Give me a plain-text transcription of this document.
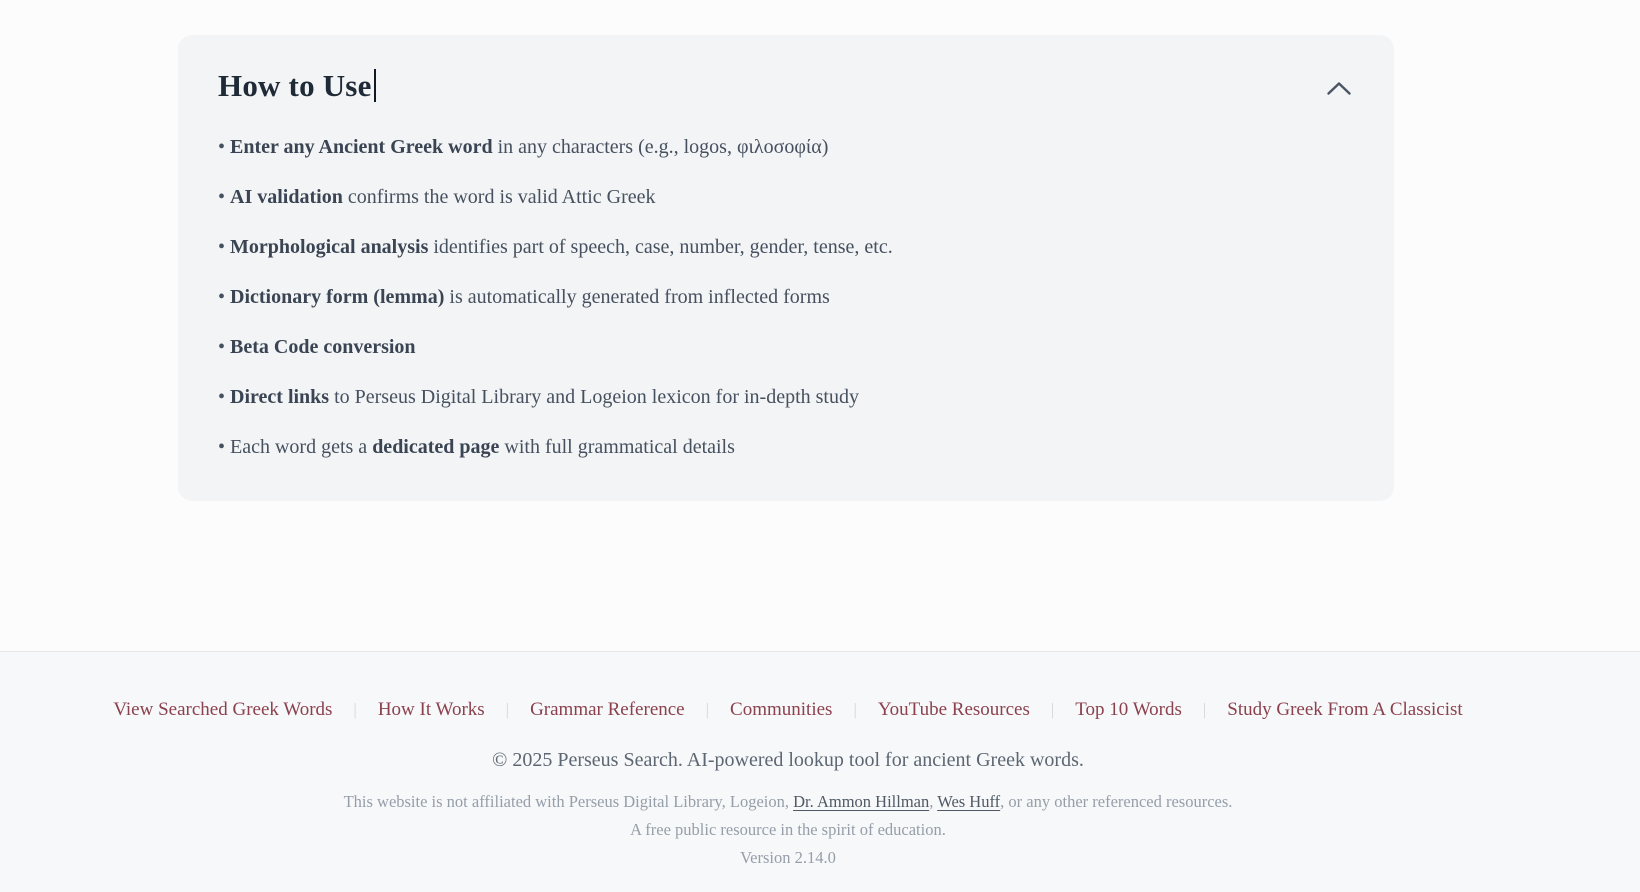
How to Use
• Enter any Ancient Greek word in any characters (e.g., logos, φιλοσοφία)
• AI validation confirms the word is valid Attic Greek
• Morphological analysis identifies part of speech, case, number, gender, tense, etc.
• Dictionary form (lemma) is automatically generated from inflected forms
• Beta Code conversion
• Direct links to Perseus Digital Library and Logeion lexicon for in-depth study
• Each word gets a dedicated page with full grammatical details
View Searched Greek Words | How It Works | Grammar Reference | Communities | YouTube Resources | Top 10 Words | Study Greek From A Classicist
© 2025 Perseus Search. AI-powered lookup tool for ancient Greek words.
This website is not affiliated with Perseus Digital Library, Logeion, Dr. Ammon Hillman, Wes Huff, or any other referenced resources.
A free public resource in the spirit of education.
Version 2.14.0
